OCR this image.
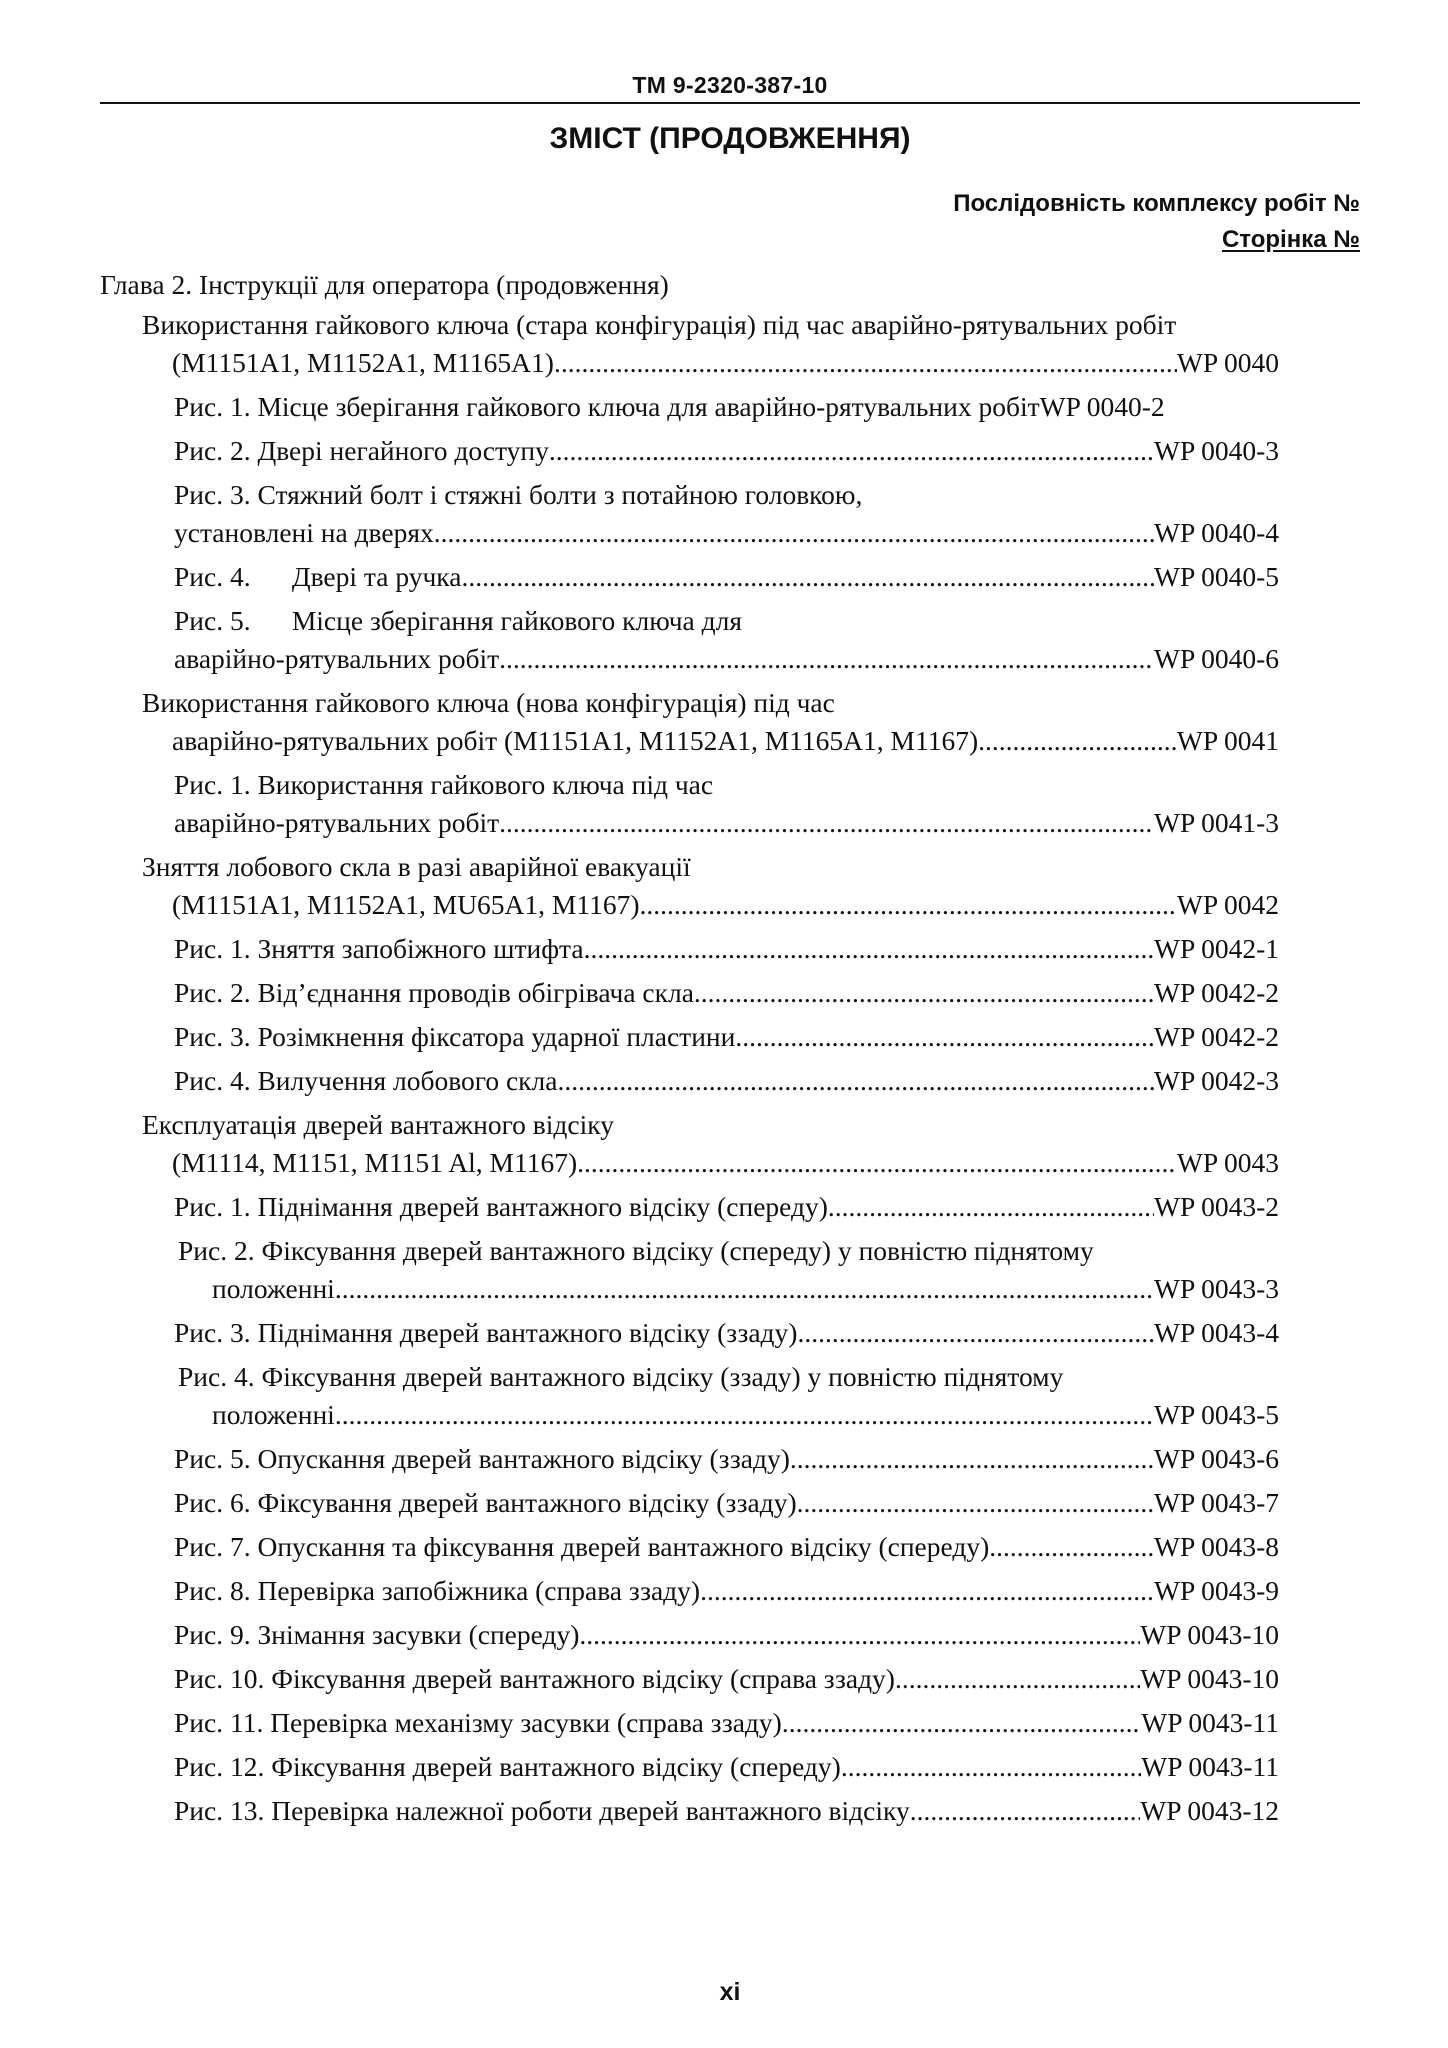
TM 9-2320-387-10
ЗМІСТ (ПРОДОВЖЕННЯ)
Послідовність комплексу робіт №
Сторінка №
Глава 2. Інструкції для оператора (продовження)
Використання гайкового ключа (стара конфігурація) під час аварійно-рятувальних робіт
(M1151A1, M1152A1, M1165A1) .....	WP 0040
Рис. 1. Місце зберігання гайкового ключа для аварійно-рятувальних робітWP 0040-2
Рис. 2. Двері негайного доступу .....	WP 0040-3
Рис. 3. Стяжний болт і стяжні болти з потайною головкою,
установлені на дверях .....	WP 0040-4
Рис. 4.      Двері та ручка .....	WP 0040-5
Рис. 5.      Місце зберігання гайкового ключа для
аварійно-рятувальних робіт .....	WP 0040-6
Використання гайкового ключа (нова конфігурація) під час
аварійно-рятувальних робіт (M1151A1, M1152A1, M1165A1, M1167) .....	WP 0041
Рис. 1. Використання гайкового ключа під час
аварійно-рятувальних робіт .....	WP 0041-3
Зняття лобового скла в разі аварійної евакуації
(M1151A1, M1152A1, MU65A1, M1167) .....	WP 0042
Рис. 1. Зняття запобіжного штифта .....	WP 0042-1
Рис. 2. Від’єднання проводів обігрівача скла .....	WP 0042-2
Рис. 3. Розімкнення фіксатора ударної пластини .....	WP 0042-2
Рис. 4. Вилучення лобового скла .....	WP 0042-3
Експлуатація дверей вантажного відсіку
(M1114, M1151, M1151 Al, M1167) .....	WP 0043
Рис. 1. Піднімання дверей вантажного відсіку (спереду) .....	WP 0043-2
Рис. 2. Фіксування дверей вантажного відсіку (спереду) у повністю піднятому
положенні .....	WP 0043-3
Рис. 3. Піднімання дверей вантажного відсіку (ззаду) .....	WP 0043-4
Рис. 4. Фіксування дверей вантажного відсіку (ззаду) у повністю піднятому
положенні .....	WP 0043-5
Рис. 5. Опускання дверей вантажного відсіку (ззаду) .....	WP 0043-6
Рис. 6. Фіксування дверей вантажного відсіку (ззаду) .....	WP 0043-7
Рис. 7. Опускання та фіксування дверей вантажного відсіку (спереду) .....	WP 0043-8
Рис. 8. Перевірка запобіжника (справа ззаду) .....	WP 0043-9
Рис. 9. Знімання засувки (спереду) .....	WP 0043-10
Рис. 10. Фіксування дверей вантажного відсіку (справа ззаду) .....	WP 0043-10
Рис. 11. Перевірка механізму засувки (справа ззаду) .....	WP 0043-11
Рис. 12. Фіксування дверей вантажного відсіку (спереду) .....	WP 0043-11
Рис. 13. Перевірка належної роботи дверей вантажного відсіку .....	WP 0043-12
xi
